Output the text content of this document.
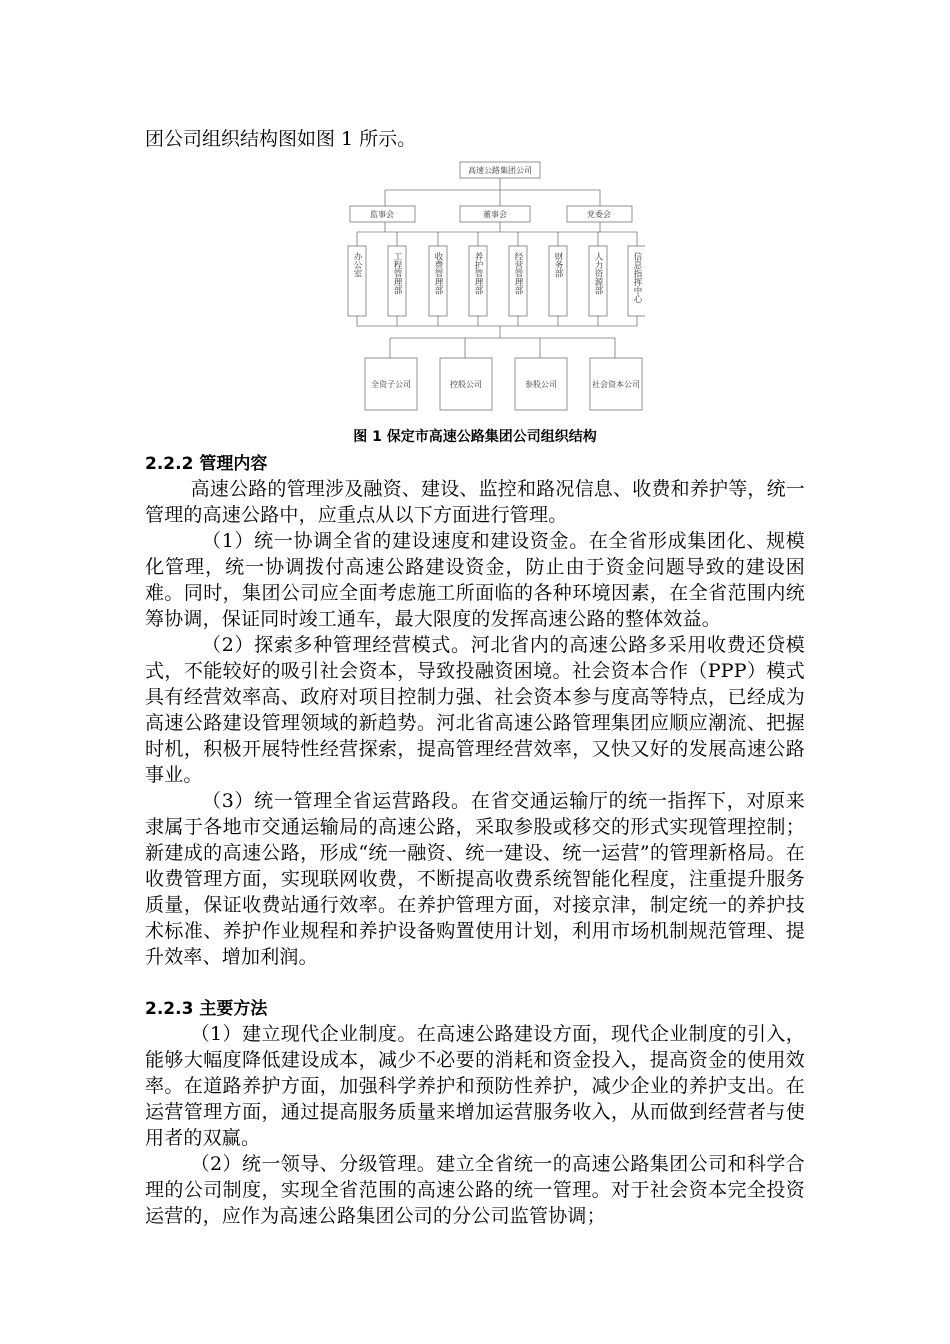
团公司组织结构图如图 1 所示。
高速公路集团公司
监事会	董事会	党委会
办公室	工程管理部	收费管理部	养护管理部	经营管理部	财务部	人力资源部	信息指挥中心
全资子公司	控股公司	参股公司	社会资本公司
图 1 保定市高速公路集团公司组织结构

2.2.2 管理内容

高速公路的管理涉及融资、建设、监控和路况信息、收费和养护等，统一管理的高速公路中，应重点从以下方面进行管理。

（1）统一协调全省的建设速度和建设资金。在全省形成集团化、规模化管理，统一协调拨付高速公路建设资金，防止由于资金问题导致的建设困难。同时，集团公司应全面考虑施工所面临的各种环境因素，在全省范围内统筹协调，保证同时竣工通车，最大限度的发挥高速公路的整体效益。

（2）探索多种管理经营模式。河北省内的高速公路多采用收费还贷模式，不能较好的吸引社会资本，导致投融资困境。社会资本合作（PPP）模式具有经营效率高、政府对项目控制力强、社会资本参与度高等特点，已经成为高速公路建设管理领域的新趋势。河北省高速公路管理集团应顺应潮流、把握时机，积极开展特性经营探索，提高管理经营效率，又快又好的发展高速公路事业。

（3）统一管理全省运营路段。在省交通运输厅的统一指挥下，对原来隶属于各地市交通运输局的高速公路，采取参股或移交的形式实现管理控制；新建成的高速公路，形成“统一融资、统一建设、统一运营”的管理新格局。在收费管理方面，实现联网收费，不断提高收费系统智能化程度，注重提升服务质量，保证收费站通行效率。在养护管理方面，对接京津，制定统一的养护技术标准、养护作业规程和养护设备购置使用计划，利用市场机制规范管理、提升效率、增加利润。

2.2.3 主要方法

（1）建立现代企业制度。在高速公路建设方面，现代企业制度的引入，能够大幅度降低建设成本，减少不必要的消耗和资金投入，提高资金的使用效率。在道路养护方面，加强科学养护和预防性养护，减少企业的养护支出。在运营管理方面，通过提高服务质量来增加运营服务收入，从而做到经营者与使用者的双赢。

（2）统一领导、分级管理。建立全省统一的高速公路集团公司和科学合理的公司制度，实现全省范围的高速公路的统一管理。对于社会资本完全投资运营的，应作为高速公路集团公司的分公司监管协调；
